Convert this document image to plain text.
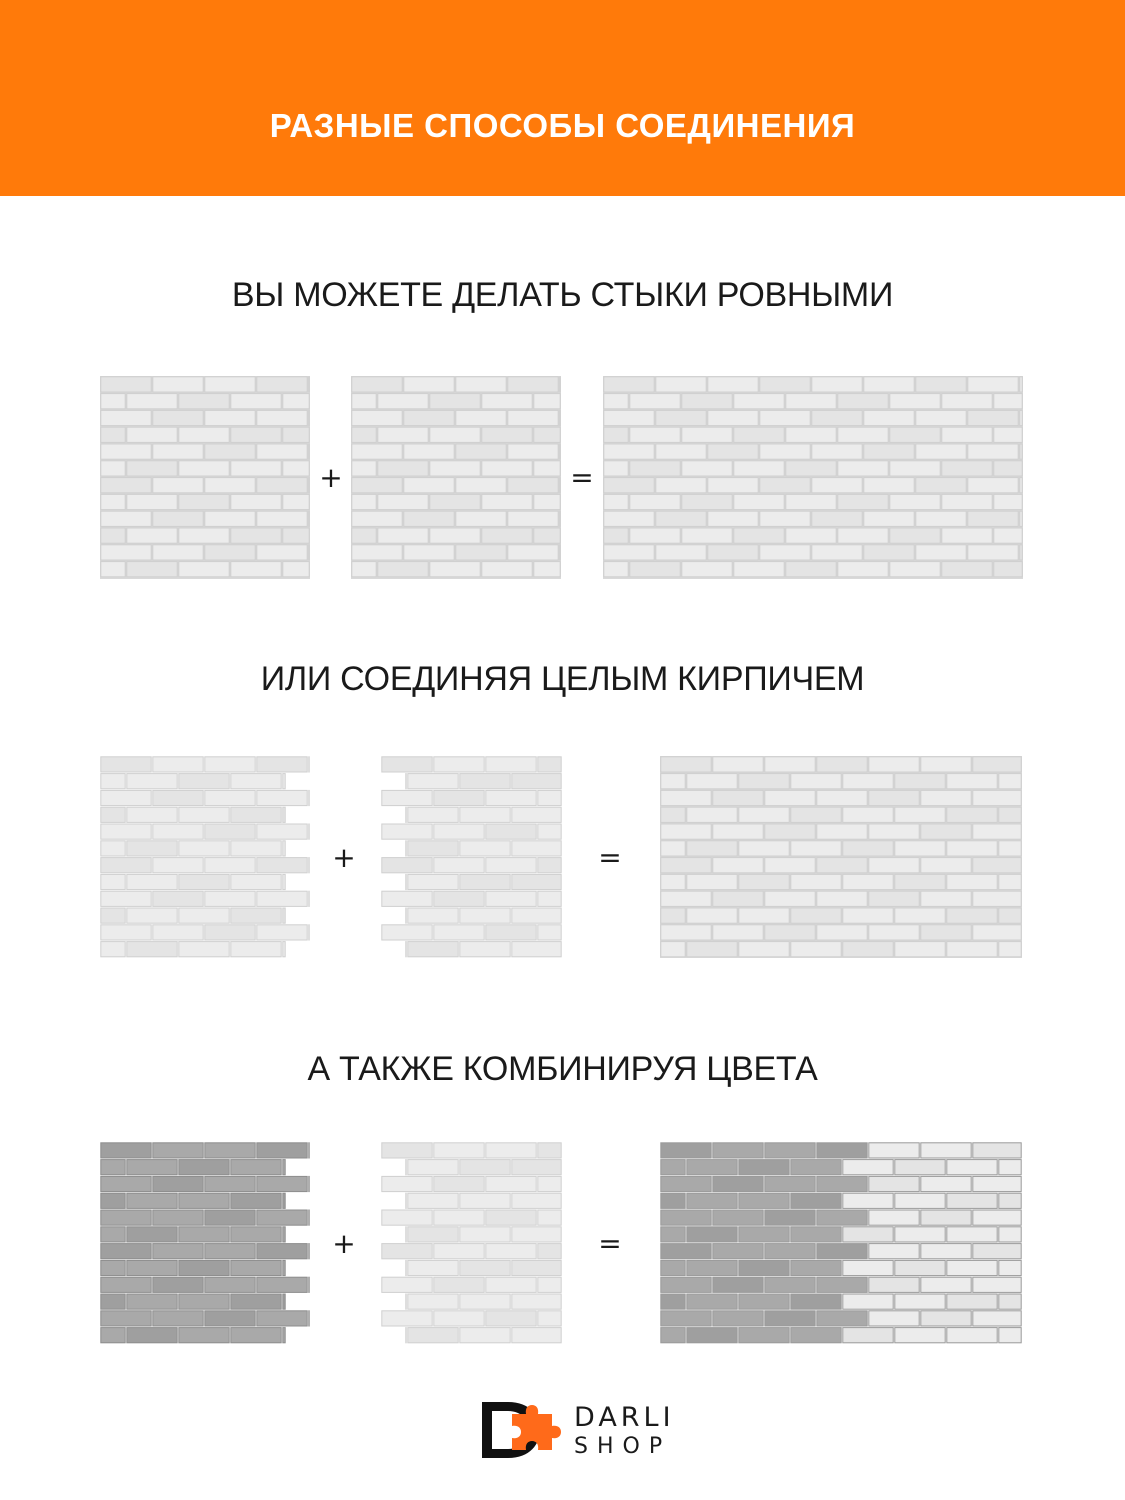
РАЗНЫЕ СПОСОБЫ СОЕДИНЕНИЯ
ВЫ МОЖЕТЕ ДЕЛАТЬ СТЫКИ РОВНЫМИ
+	=
ИЛИ СОЕДИНЯЯ ЦЕЛЫМ КИРПИЧЕМ
+	=
А ТАКЖЕ КОМБИНИРУЯ ЦВЕТА
+	=
DARLI
SHOP
